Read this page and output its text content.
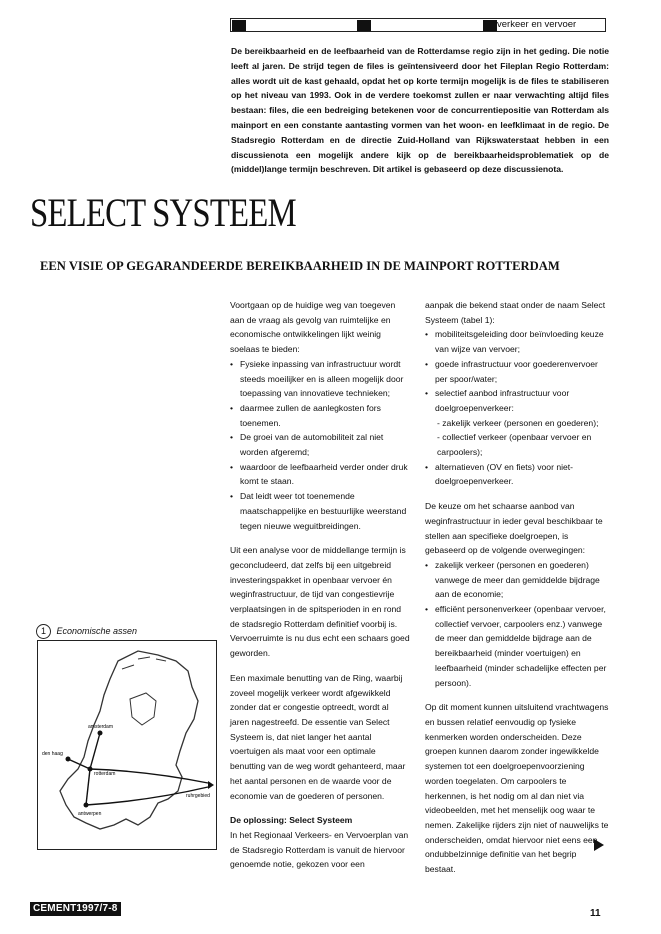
verkeer en vervoer

De bereikbaarheid en de leefbaarheid van de Rotterdamse regio zijn in het geding. Die notie leeft al jaren. De strijd tegen de files is geïntensiveerd door het Fileplan Regio Rotterdam: alles wordt uit de kast gehaald, opdat het op korte termijn mogelijk is de files te stabiliseren op het niveau van 1993. Ook in de verdere toekomst zullen er naar verwachting altijd files bestaan: files, die een bedreiging betekenen voor de concurrentiepositie van Rotterdam als mainport en een constante aantasting vormen van het woon- en leefklimaat in de regio. De Stadsregio Rotterdam en de directie Zuid-Holland van Rijkswaterstaat hebben in een discussienota een mogelijk andere kijk op de bereikbaarheidsproblematiek op de (middel)lange termijn beschreven. Dit artikel is gebaseerd op deze discussienota.

SELECT SYSTEEM
EEN VISIE OP GEGARANDEERDE BEREIKBAARHEID IN DE MAINPORT ROTTERDAM
1 Economische assen
amsterdam
den haag
rotterdam
antwerpen
ruhrgebied

Voortgaan op de huidige weg van toegeven aan de vraag als gevolg van ruimtelijke en economische ontwikkelingen lijkt weinig soelaas te bieden:

• Fysieke inpassing van infrastructuur wordt steeds moeilijker en is alleen mogelijk door toepassing van innovatieve technieken;
• daarmee zullen de aanlegkosten fors toenemen.
• De groei van de automobiliteit zal niet worden afgeremd;
• waardoor de leefbaarheid verder onder druk komt te staan.
• Dat leidt weer tot toenemende maatschappelijke en bestuurlijke weerstand tegen nieuwe weguitbreidingen.

Uit een analyse voor de middellange termijn is geconcludeerd, dat zelfs bij een uitgebreid investeringspakket in openbaar vervoer én weginfrastructuur, de tijd van congestievrije verplaatsingen in de spitsperioden in en rond de stadsregio Rotterdam definitief voorbij is. Vervoerruimte is nu dus echt een schaars goed geworden.

Een maximale benutting van de Ring, waarbij zoveel mogelijk verkeer wordt afgewikkeld zonder dat er congestie optreedt, wordt al jaren nagestreefd. De essentie van Select Systeem is, dat niet langer het aantal voertuigen als maat voor een optimale benutting van de weg wordt gehanteerd, maar het aantal personen en de waarde voor de economie van de goederen of personen.

De oplossing: Select Systeem

In het Regionaal Verkeers- en Vervoerplan van de Stadsregio Rotterdam is vanuit de hiervoor genoemde notie, gekozen voor een

aanpak die bekend staat onder de naam Select Systeem (tabel 1):

• mobiliteitsgeleiding door beïnvloeding keuze van wijze van vervoer;
• goede infrastructuur voor goederenvervoer per spoor/water;
• selectief aanbod infrastructuur voor doelgroepenverkeer:
- zakelijk verkeer (personen en goederen);
- collectief verkeer (openbaar vervoer en carpoolers);
• alternatieven (OV en fiets) voor niet-doelgroepenverkeer.

De keuze om het schaarse aanbod van weginfrastructuur in ieder geval beschikbaar te stellen aan specifieke doelgroepen, is gebaseerd op de volgende overwegingen:

• zakelijk verkeer (personen en goederen) vanwege de meer dan gemiddelde bijdrage aan de economie;
• efficiënt personenverkeer (openbaar vervoer, collectief vervoer, carpoolers enz.) vanwege de meer dan gemiddelde bijdrage aan de bereikbaarheid (minder voertuigen) en leefbaarheid (minder schadelijke effecten per persoon).

Op dit moment kunnen uitsluitend vrachtwagens en bussen relatief eenvoudig op fysieke kenmerken worden onderscheiden. Deze groepen kunnen daarom zonder ingewikkelde systemen tot een doelgroepenvoorziening worden toegelaten. Om carpoolers te herkennen, is het nodig om al dan niet via videobeelden, met het menselijk oog waar te nemen. Zakelijke rijders zijn niet of nauwelijks te onderscheiden, omdat hiervoor niet eens een ondubbelzinnige definitie van het begrip bestaat.

CEMENT1997/7-8	11
